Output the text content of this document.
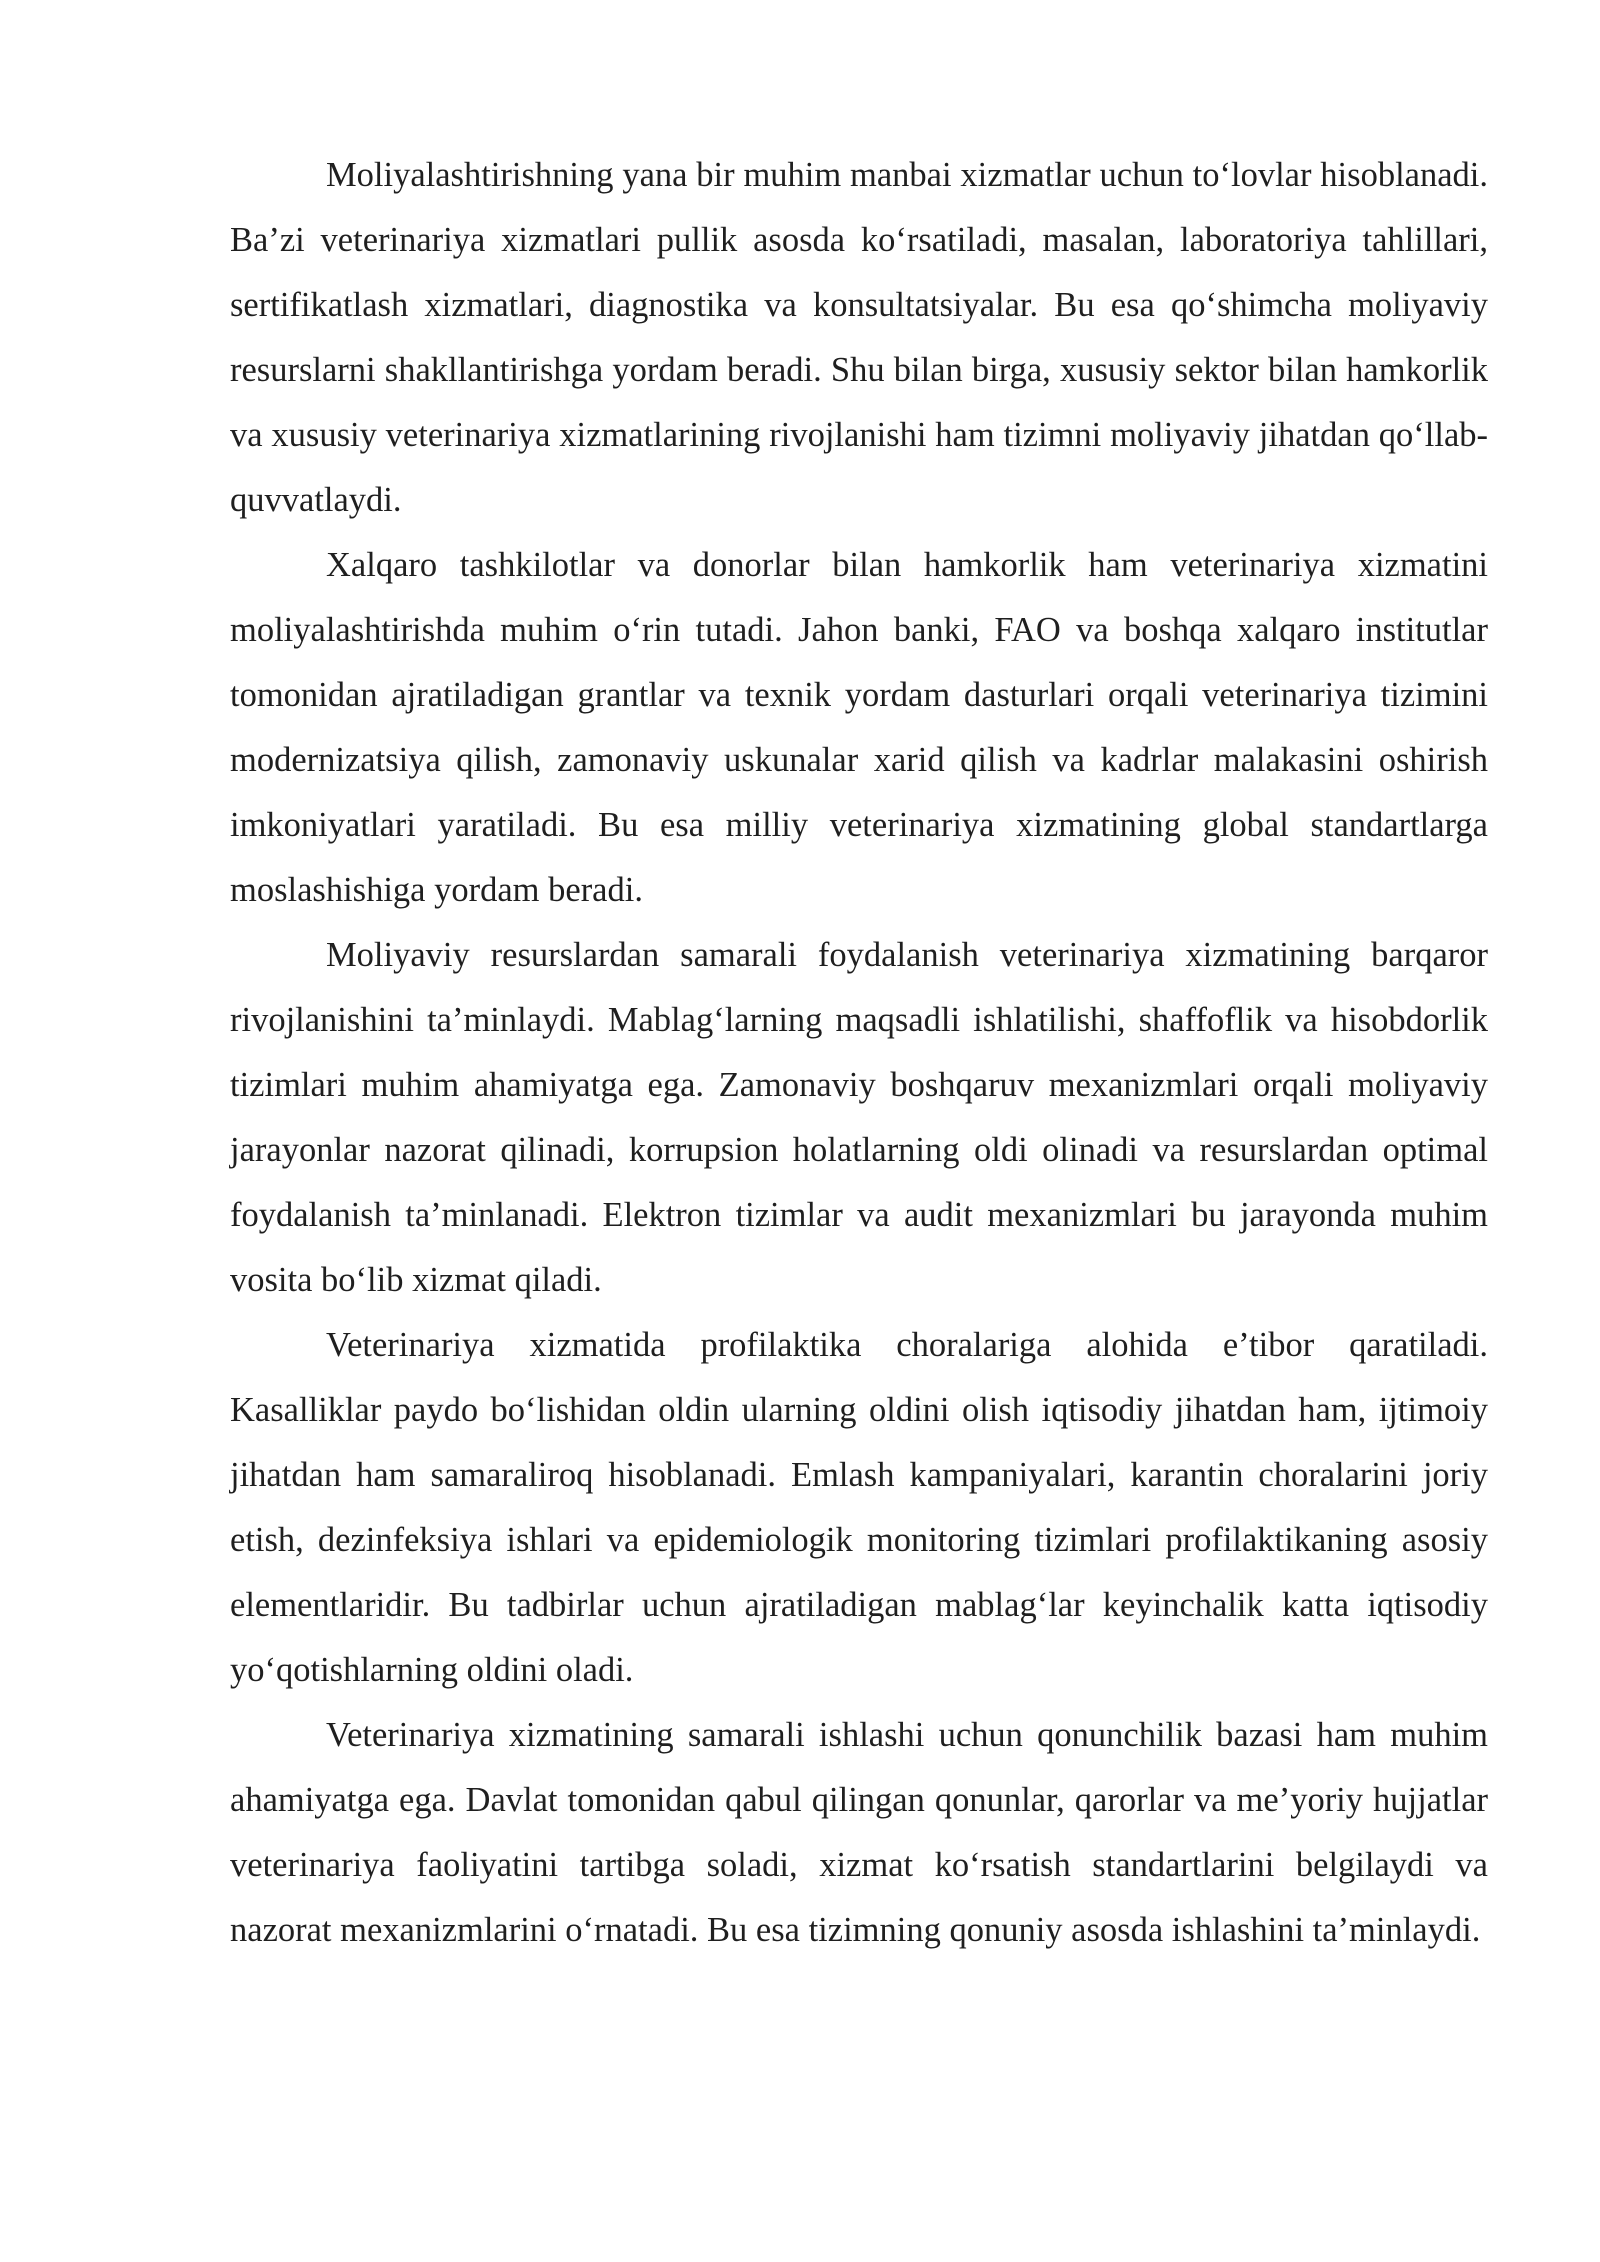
Moliyalashtirishning yana bir muhim manbai xizmatlar uchun to‘lovlar hisoblanadi. Ba’zi veterinariya xizmatlari pullik asosda ko‘rsatiladi, masalan, laboratoriya tahlillari, sertifikatlash xizmatlari, diagnostika va konsultatsiyalar. Bu esa qo‘shimcha moliyaviy resurslarni shakllantirishga yordam beradi. Shu bilan birga, xususiy sektor bilan hamkorlik va xususiy veterinariya xizmatlarining rivojlanishi ham tizimni moliyaviy jihatdan qo‘llab-quvvatlaydi.

Xalqaro tashkilotlar va donorlar bilan hamkorlik ham veterinariya xizmatini moliyalashtirishda muhim o‘rin tutadi. Jahon banki, FAO va boshqa xalqaro institutlar tomonidan ajratiladigan grantlar va texnik yordam dasturlari orqali veterinariya tizimini modernizatsiya qilish, zamonaviy uskunalar xarid qilish va kadrlar malakasini oshirish imkoniyatlari yaratiladi. Bu esa milliy veterinariya xizmatining global standartlarga moslashishiga yordam beradi.

Moliyaviy resurslardan samarali foydalanish veterinariya xizmatining barqaror rivojlanishini ta’minlaydi. Mablag‘larning maqsadli ishlatilishi, shaffoflik va hisobdorlik tizimlari muhim ahamiyatga ega. Zamonaviy boshqaruv mexanizmlari orqali moliyaviy jarayonlar nazorat qilinadi, korrupsion holatlarning oldi olinadi va resurslardan optimal foydalanish ta’minlanadi. Elektron tizimlar va audit mexanizmlari bu jarayonda muhim vosita bo‘lib xizmat qiladi.

Veterinariya xizmatida profilaktika choralariga alohida e’tibor qaratiladi. Kasalliklar paydo bo‘lishidan oldin ularning oldini olish iqtisodiy jihatdan ham, ijtimoiy jihatdan ham samaraliroq hisoblanadi. Emlash kampaniyalari, karantin choralarini joriy etish, dezinfeksiya ishlari va epidemiologik monitoring tizimlari profilaktikaning asosiy elementlaridir. Bu tadbirlar uchun ajratiladigan mablag‘lar keyinchalik katta iqtisodiy yo‘qotishlarning oldini oladi.

Veterinariya xizmatining samarali ishlashi uchun qonunchilik bazasi ham muhim ahamiyatga ega. Davlat tomonidan qabul qilingan qonunlar, qarorlar va me’yoriy hujjatlar veterinariya faoliyatini tartibga soladi, xizmat ko‘rsatish standartlarini belgilaydi va nazorat mexanizmlarini o‘rnatadi. Bu esa tizimning qonuniy asosda ishlashini ta’minlaydi.
